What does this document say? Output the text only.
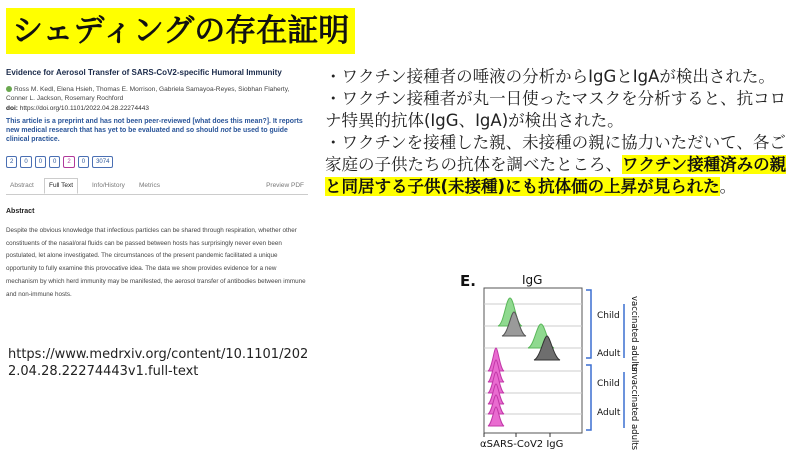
シェディングの存在証明
Evidence for Aerosol Transfer of SARS-CoV2-specific Humoral Immunity
Ross M. Kedl, Elena Hsieh, Thomas E. Morrison, Gabriela Samayoa-Reyes, Siobhan Flaherty, Conner L. Jackson, Rosemary Rochford
doi: https://doi.org/10.1101/2022.04.28.22274443
This article is a preprint and has not been peer-reviewed [what does this mean?]. It reports new medical research that has yet to be evaluated and so should not be used to guide clinical practice.
2	0	0	0	2	0	3074
Abstract	Full Text	Info/History Metrics	Preview PDF
Abstract
Despite the obvious knowledge that infectious particles can be shared through respiration, whether other constituents of the nasal/oral fluids can be passed between hosts has surprisingly never even been postulated, let alone investigated. The circumstances of the present pandemic facilitated a unique opportunity to fully examine this provocative idea. The data we show provides evidence for a new mechanism by which herd immunity may be manifested, the aerosol transfer of antibodies between immune and non-immune hosts.
https://www.medrxiv.org/content/10.1101/2022.04.28.22274443v1.full-text

・ワクチン接種者の唾液の分析からIgGとIgAが検出された。

・ワクチン接種者が丸一日使ったマスクを分析すると、抗コロナ特異的抗体(IgG、IgA)が検出された。

・ワクチンを接種した親、未接種の親に協力いただいて、各ご家庭の子供たちの抗体を調べたところ、ワクチン接種済みの親と同居する子供(未接種)にも抗体価の上昇が見られた。

E.	IgG
αSARS-CoV2 IgG
Child
Adult
Child
Adult
vaccinated adults
unvaccinated adults
